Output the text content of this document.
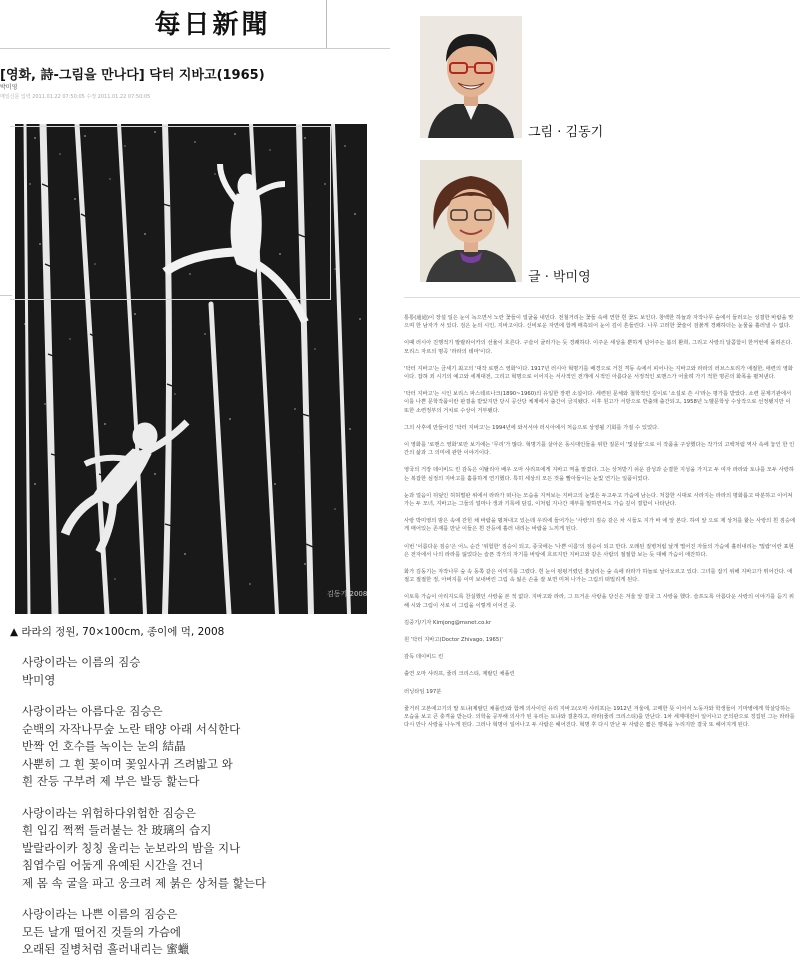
每日新聞
[영화, 詩-그림을 만나다] 닥터 지바고(1965)
박미영
매일신문 입력 2011.01.22 07:50:05 수정 2011.01.22 07:50:05
김동기 2008
▲ 라라의 정원, 70×100cm, 종이에 먹, 2008
사랑이라는 이름의 짐승
박미영
사랑이라는 아름다운 짐승은
순백의 자작나무숲 노란 태양 아래 서식한다
반짝 언 호수를 녹이는 눈의 結晶
사뿐히 그 흰 꽃이며 꽃잎사귀 즈려밟고 와
흰 잔등 구부려 제 부은 발등 핥는다
사랑이라는 위험하다위험한 짐승은
흰 입김 쩍쩍 들러붙는 찬 玻璃의 습지
발랄라이카 칭칭 울리는 눈보라의 밤을 지나
침엽수림 어둠게 유예된 시간을 건너
제 몸 속 굴을 파고 웅크려 제 붉은 상처를 핥는다
사랑이라는 나쁜 이름의 짐승은
모든 날개 떨어진 것들의 가슴에
오래된 질병처럼 흘러내리는 蜜蠟
그림 · 김동기
글 · 박미영

통통(通通)이 장설 일은 눈이 녹으면서 노란 꽃들이 얼굴을 내민다. 전철거리는 꽃들 속에 연한 흰 꽃도 보인다. 창백한 하늘과 자작나무 숲에서 들러오는 성결한 바람을 맞으며 한 남자가 서 있다. 검은 눈의 시인, 지바고이다. 신비로운 자연에 함께 매혹되어 눈이 깊이 흔들린다. 나무 고러한 꽃술이 검붉게 경쾌하더는 눈물을 흘러낼 수 없다.

이때 러시아 진행적기 발랄라이카의 선율이 흐른다. 구슬이 굴러가는 듯 경쾌하다. 이주운 세상을 뿐하게 넘어주는 봄의 환희, 그리고 사랑의 달콤함이 한꺼번에 몰려온다. 모리스 자르의 명곡 '라라의 테마'이다.

'닥터 지바고'는 금세기 최고의 '대작 로맨스 영화'이다. 1917년 러시아 혁명기를 배경으로 거친 격동 속에서 피어나는 지바고와 라라의 러브스토리가 애절한, 애련의 영화이다. 잡혀 죄 시기의 예고와 세계대전, 그리고 혁명으로 이어지는 서사적인 전개에 시적인 아름다운 서정적인 로맨스가 어울려 가기 적한 명콘의 화폭을 펼쳐낸다.

'닥터 지바고'는 시인 보리스 파스테르나크(1890~1960)의 유일한 장편 소설이다. 세련된 문체와 철학적인 깊이로 '소설로 쓴 시'라는 평가를 받았다. 소련 문제기관에서 이를 나쁜 문학작품이란 판결을 받았지만 당시 공산당 체제에서 출간이 금지됐다. 이후 원고가 서방으로 반출돼 출간되고, 1958년 노벨문학상 수상작으로 선정됐지만 이 또한 소련정부의 거치로 수상이 거부됐다.

그의 사후에 만들어진 '닥터 지바고'는 1994년에 와서서야 러시아에서 처음으로 상영될 기회를 가질 수 있었다.

이 영화를 '로맨스 영화'로만 보기에는 '무리'가 많다. 혁명기를 살아온 동시대인들을 위한 질문이 '빛살들'으로 이 작품을 구상했다는 작가의 고백처럼 역사 속에 놓인 한 인간의 삶과 그 의미에 관한 이야기이다.

영국의 거장 데이비드 린 감독은 이탈리아 배우 오마 샤리프에게 지바고 역을 맡겼다. 그는 상처받기 쉬운 감성과 순결한 지성을 가지고 두 여자 라라와 토냐를 모두 사랑하는 복잡한 심정의 지바고를 훌륭하게 연기했다. 특히 세상의 모든 것을 빨아들이는 눈빛 연기는 일품이었다.

눈과 얼음이 뒤덮인 허허벌판 위에서 라라가 떠나는 모습을 지켜보는 지바고의 눈빛은 두고두고 가슴에 남는다. 처참한 시대로 사라지는 라라의 평화롭고 따분하고 이어져 가는 두 모녀, 지바고는 그들의 얼마나 생과 기록에 담길, 이처럼 지나간 재부를 말하면서도 가슴 깊이 결함이 나타난다.

사랑 박미영의 밤은 속에 갇힌 채 바람을 펼쳐내고 있는데 우리에 들어가는 '사랑'의 짐승 같은 차 시들도 지가 바 에 앞 본다. 하여 앞 으로 제 상처를 핥는 사랑의 흰 짐승에게 매어있는 존재를 만난 이들은 흰 잔등에 흘러 내리는 바람을 느끼게 된다.

이번 '이름다운 짐승'은 어느 순간 '위험한' 짐승이 되고, 종국에는 '나쁜 이름'의 짐승이 되고 만다. 오래된 질병처럼 날개 떨어진 자들의 가슴에 흘러내리는 '밀랍'이란 표현은 전자에서 나의 라라를 잃었다는 슬픈 작가의 자기를 바탕에 흐르지만 지바고와 같은 사람의 절절함 보는 듯 대해 가슴이 애잔하다.

화가 김동기는 자작나무 숲 속 동쪽 같은 이미지를 그렸다. 흰 눈이 펑펑거렸던 흥날리는 숲 속에 라라가 하늘로 날아오르고 있다. 그녀를 잡기 위해 지바고가 뛰어간다. 애절고 절절한 정, 아버지를 이미 보내버린 그림 속 잃은 손을 잘 보면 미쳐 나가는 그림의 떠밀리게 된다.

이토록 가슴이 아리지도록 찬실했던 사랑을 본 적 없다. 지바고와 라라, 그 뜨거운 사랑을 당신은 겨울 앞 결국 그 사랑을 했다. 슬프도록 아름다운 사랑의 이야기를 듣기 위해 시와 그림이 서로 이 그림을 이렇게 이어진 곳.

김중기/기자 Kimjong@msnet.co.kr

원 '닥터 지바고(Doctor Zhivago, 1965)'

감독 데이비드 린

출연 오마 샤리프, 줄리 크리스티, 제랄딘 채플린

러닝타임 197분

줄거리 고본에고기의 말 토냐(제랄딘 채플린)와 함께 의사이던 유리 지바고(오마 샤리프)는 1912년 겨울에, 고매한 뜻 이어서 노동자와 학생들이 기마병에게 학살당하는 모습을 보고 큰 충격을 받는다. 의학을 공부해 의사가 된 유리는 토냐와 결혼하고, 라라(줄리 크리스티)를 만난다. 1차 세계대전이 일어나고 군의관으로 징집된 그는 라라를 다시 만나 사랑을 나누게 된다. 그러나 혁명이 일어나고 두 사람은 헤어진다. 혁명 후 다시 만난 두 사람은 짧은 행복을 누리지만 결국 또 헤어지게 된다.
